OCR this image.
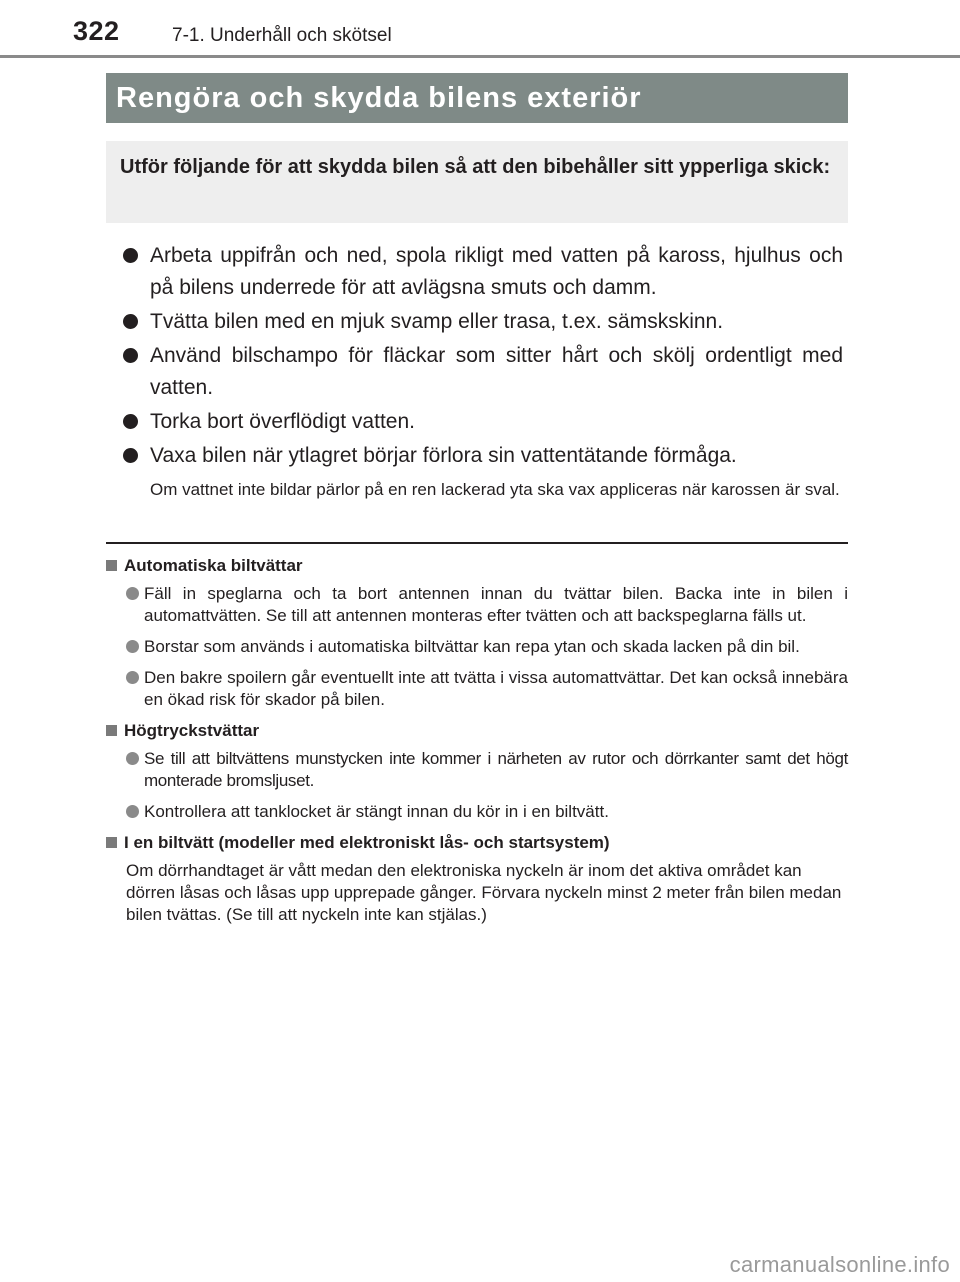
322	7-1. Underhåll och skötsel
Rengöra och skydda bilens exteriör
Utför följande för att skydda bilen så att den bibehåller sitt ypperliga skick:
Arbeta uppifrån och ned, spola rikligt med vatten på kaross, hjulhus och på bilens underrede för att avlägsna smuts och damm.
Tvätta bilen med en mjuk svamp eller trasa, t.ex. sämskskinn.
Använd bilschampo för fläckar som sitter hårt och skölj ordentligt med vatten.
Torka bort överflödigt vatten.
Vaxa bilen när ytlagret börjar förlora sin vattentätande förmåga.
Om vattnet inte bildar pärlor på en ren lackerad yta ska vax appliceras när karossen är sval.
Automatiska biltvättar
Fäll in speglarna och ta bort antennen innan du tvättar bilen. Backa inte in bilen i automattvätten. Se till att antennen monteras efter tvätten och att backspeglarna fälls ut.
Borstar som används i automatiska biltvättar kan repa ytan och skada lacken på din bil.
Den bakre spoilern går eventuellt inte att tvätta i vissa automattvättar. Det kan också innebära en ökad risk för skador på bilen.
Högtryckstvättar
Se till att biltvättens munstycken inte kommer i närheten av rutor och dörrkanter samt det högt monterade bromsljuset.
Kontrollera att tanklocket är stängt innan du kör in i en biltvätt.
I en biltvätt (modeller med elektroniskt lås- och startsystem)
Om dörrhandtaget är vått medan den elektroniska nyckeln är inom det aktiva området kan dörren låsas och låsas upp upprepade gånger. Förvara nyckeln minst 2 meter från bilen medan bilen tvättas. (Se till att nyckeln inte kan stjälas.)
carmanualsonline.info
